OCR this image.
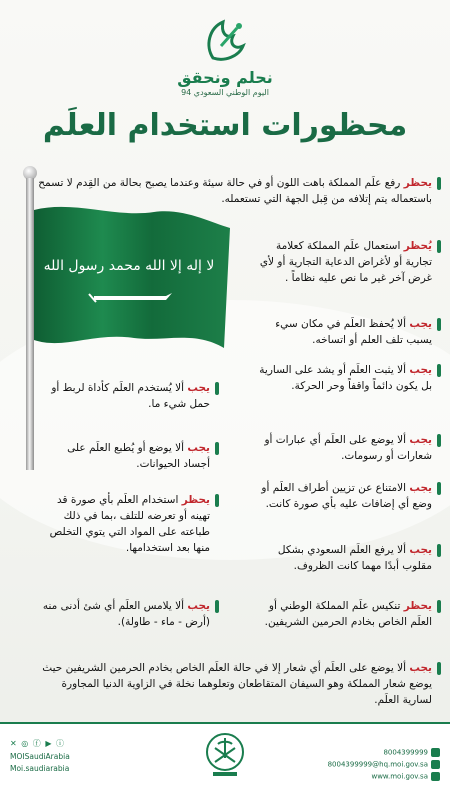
نحلم ونحقق
اليوم الوطني السعودي 94
محظورات استخدام العلَم
لا إله إلا الله محمد رسول الله
يحظر رفع علَم المملكة باهت اللون أو في حالة سيئة وعندما يصبح بحالة من القِدم لا تسمح باستعماله يتم إتلافه من قِبل الجهة التي تستعمله.
يُحظر استعمال علَم المملكة كعلامة تجارية أو لأغراض الدعاية التجارية أو لأي غرض آخر غير ما نص عليه نظاماً .
يجب ألا يُحفظ العلَم في مكان سيء يسبب تلف العلم أو اتساخه.
يجب ألا يثبت العلَم أو يشد على السارية بل يكون دائماً واقفاً وحر الحركة.
يجب ألا يُستخدم العلَم كأداة لربط أو حمل شيء ما.
يجب ألا يوضع على العلَم أي عبارات أو شعارات أو رسومات.
يجب ألا يوضع أو يُطبع العلَم على أجساد الحيوانات.
يجب الامتناع عن تزيين أطراف العلَم أو وضع أي إضافات عليه بأي صورة كانت.
يحظر استخدام العلَم بأي صورة قد تهينه أو تعرضه للتلف ،بما في ذلك طباعته على المواد التي يتوي التخلص منها بعد استخدامها.	يجب ألا يرفع العلَم السعودي بشكل مقلوب أبدًا مهما كانت الظروف.
يجب ألا يلامس العلَم أي شئ أدنى منه (أرض - ماء - طاولة).
يحظر تنكيس علَم المملكة الوطني أو العلَم الخاص بخادم الحرمين الشريفين.
يجب ألا يوضع على العلَم أي شعار إلا في حالة العلَم الخاص بخادم الحرمين الشريفين حيث يوضع شعار المملكة وهو السيفان المتقاطعان وتعلوهما نخلة في الزاوية الدنيا المجاورة لسارية العلَم.
✕ ◎ ⓕ ▶ ⓘ
MOISaudiArabia
Moi.saudiarabia
8004399999
8004399999@hq.moi.gov.sa
www.moi.gov.sa
